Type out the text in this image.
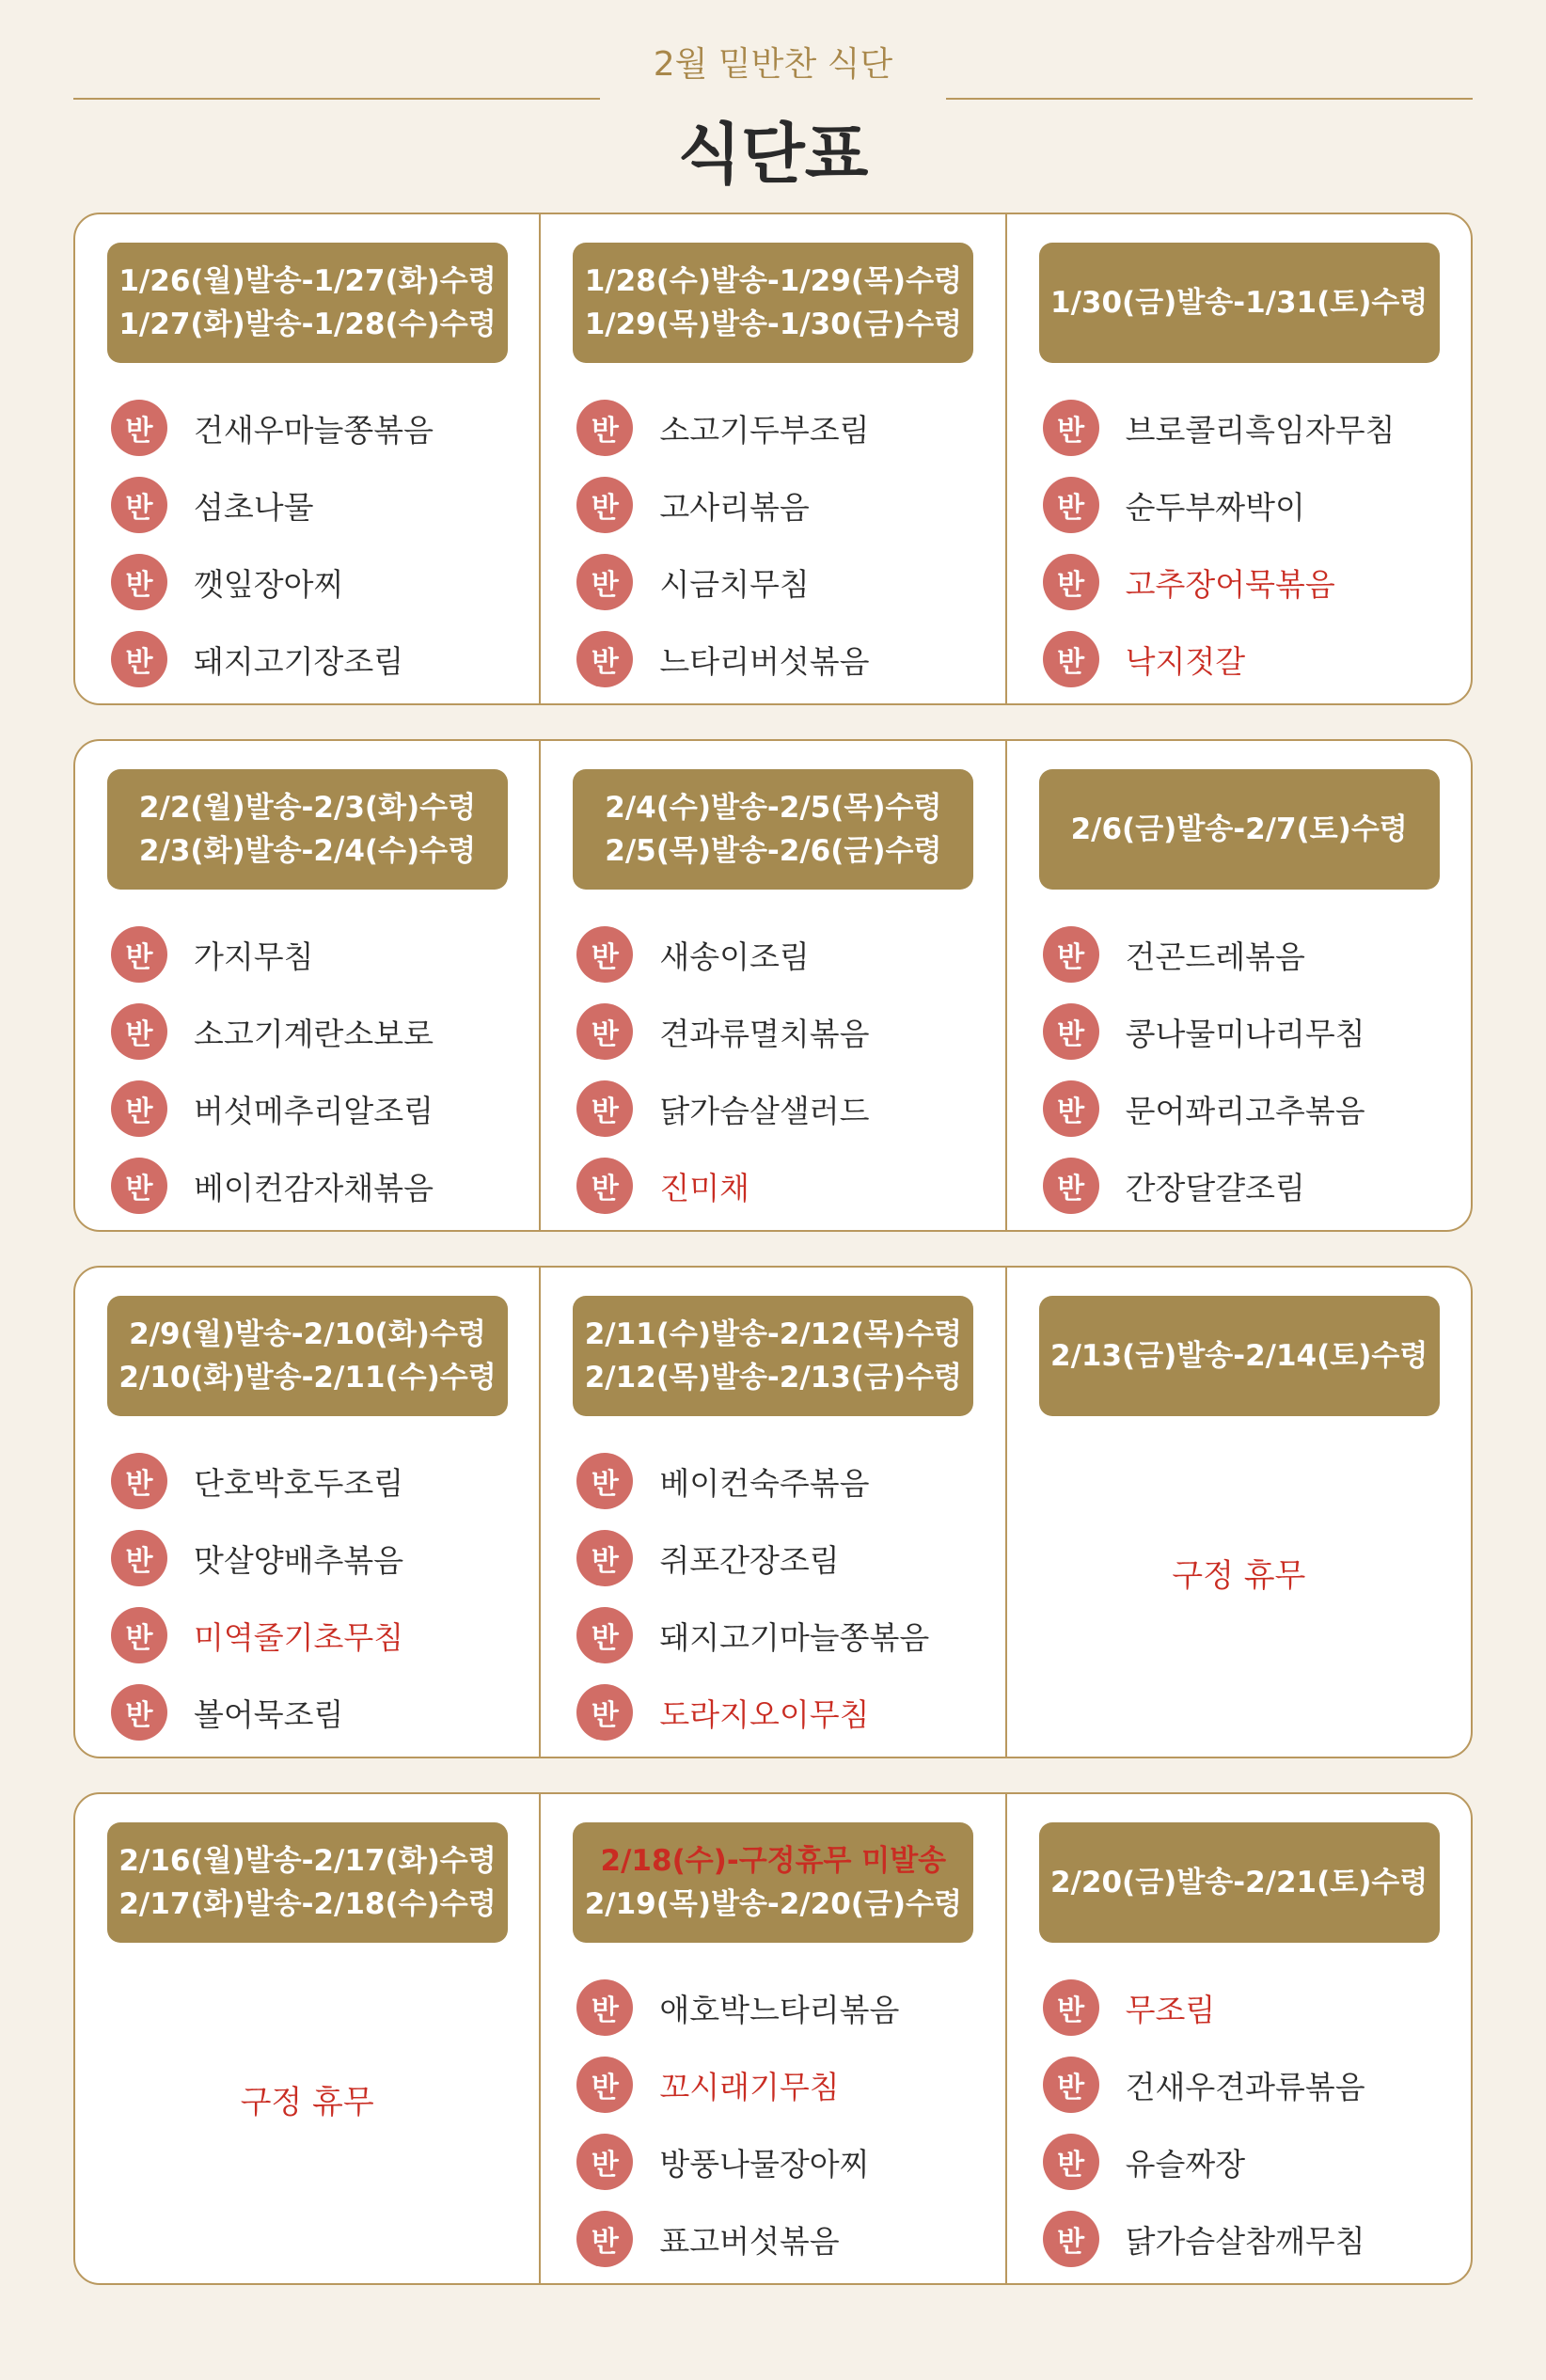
2월 밑반찬 식단
식단표
1/26(월)발송-1/27(화)수령
1/27(화)발송-1/28(수)수령
반	건새우마늘쫑볶음
반	섬초나물
반	깻잎장아찌
반	돼지고기장조림
1/28(수)발송-1/29(목)수령
1/29(목)발송-1/30(금)수령
반	소고기두부조림
반	고사리볶음
반	시금치무침
반	느타리버섯볶음
1/30(금)발송-1/31(토)수령
반	브로콜리흑임자무침
반	순두부짜박이
반	고추장어묵볶음
반	낙지젓갈
2/2(월)발송-2/3(화)수령
2/3(화)발송-2/4(수)수령
반	가지무침
반	소고기계란소보로
반	버섯메추리알조림
반	베이컨감자채볶음
2/4(수)발송-2/5(목)수령
2/5(목)발송-2/6(금)수령
반	새송이조림
반	견과류멸치볶음
반	닭가슴살샐러드
반	진미채
2/6(금)발송-2/7(토)수령
반	건곤드레볶음
반	콩나물미나리무침
반	문어꽈리고추볶음
반	간장달걀조림
2/9(월)발송-2/10(화)수령
2/10(화)발송-2/11(수)수령
반	단호박호두조림
반	맛살양배추볶음
반	미역줄기초무침
반	볼어묵조림
2/11(수)발송-2/12(목)수령
2/12(목)발송-2/13(금)수령
반	베이컨숙주볶음
반	쥐포간장조림
반	돼지고기마늘쫑볶음
반	도라지오이무침
2/13(금)발송-2/14(토)수령
구정 휴무
2/16(월)발송-2/17(화)수령
2/17(화)발송-2/18(수)수령
구정 휴무
2/18(수)-구정휴무 미발송
2/19(목)발송-2/20(금)수령
반	애호박느타리볶음
반	꼬시래기무침
반	방풍나물장아찌
반	표고버섯볶음
2/20(금)발송-2/21(토)수령
반	무조림
반	건새우견과류볶음
반	유슬짜장
반	닭가슴살참깨무침
